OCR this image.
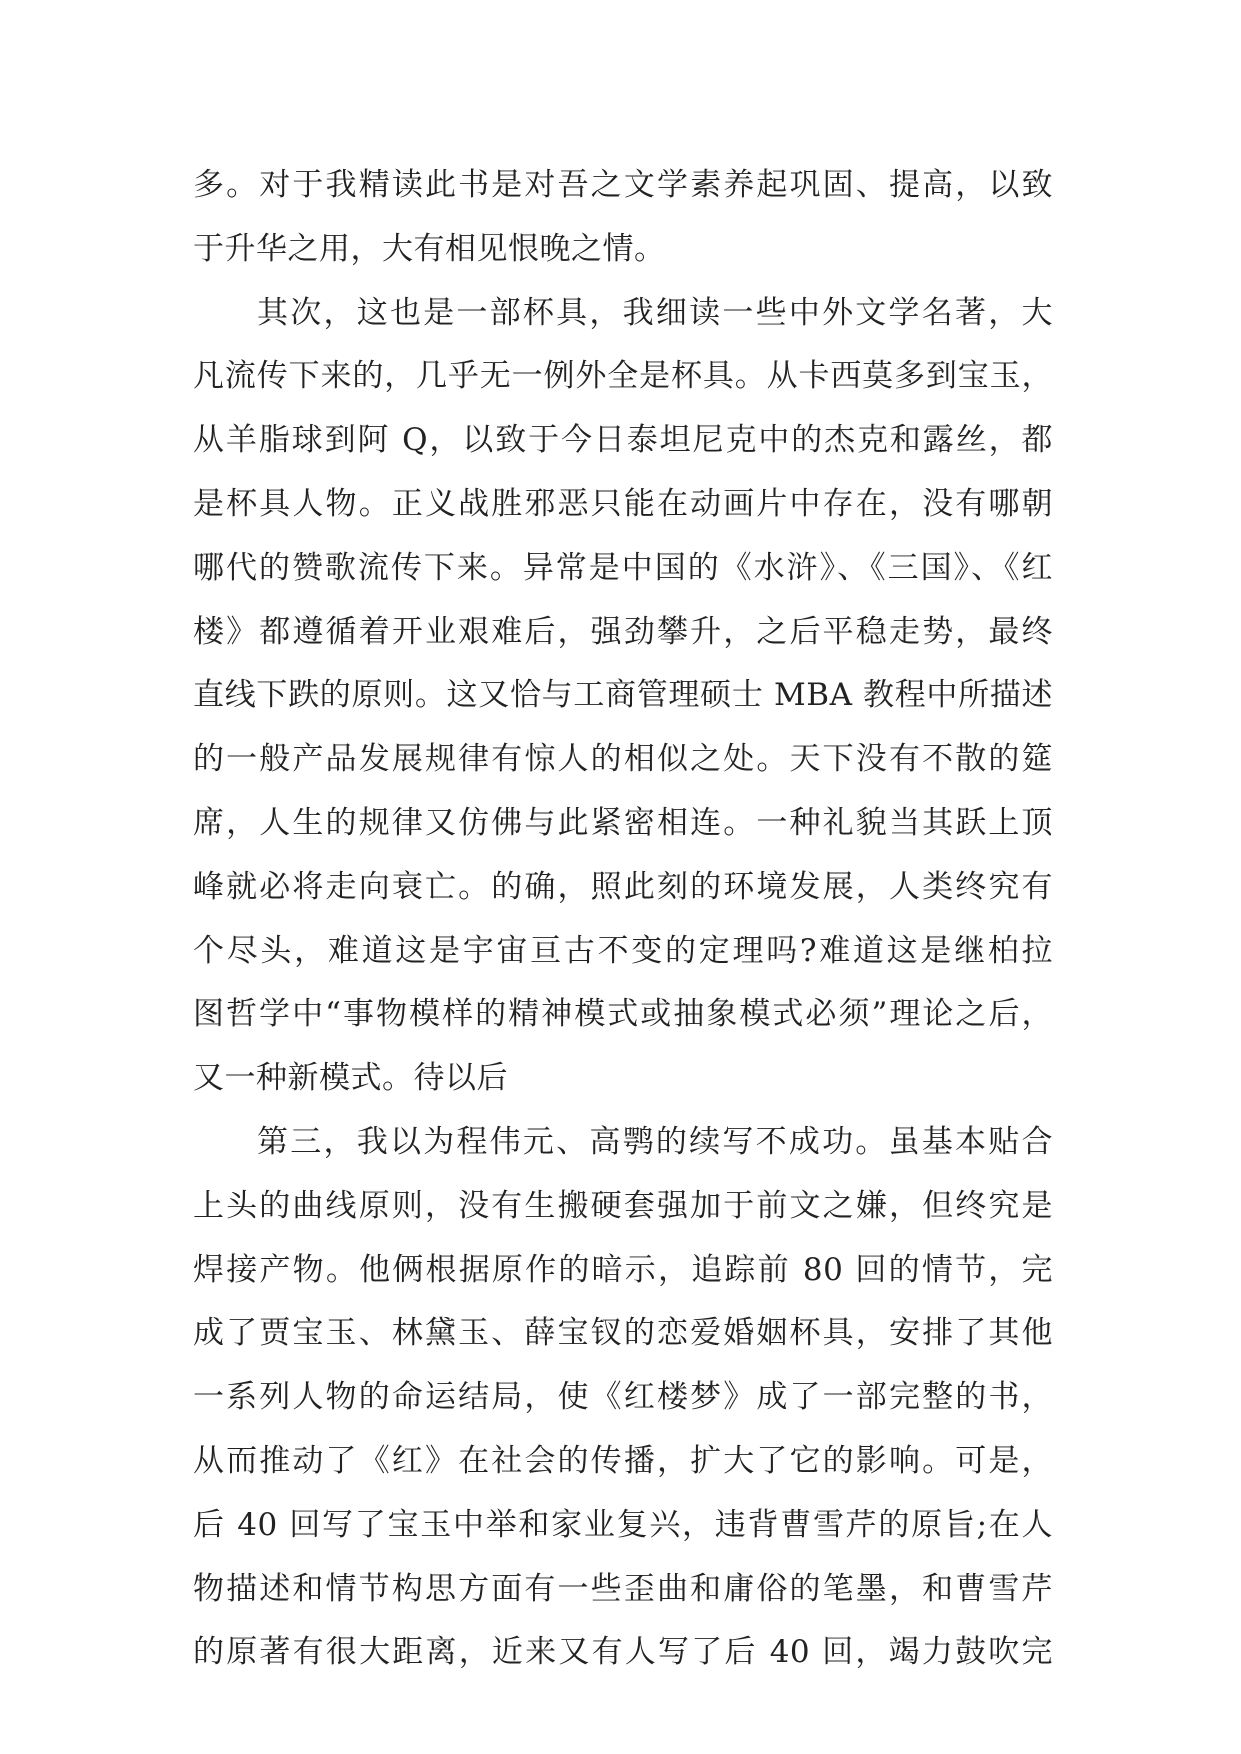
多。对于我精读此书是对吾之文学素养起巩固、提高，以致
于升华之用，大有相见恨晚之情。
其次，这也是一部杯具，我细读一些中外文学名著，大
凡流传下来的，几乎无一例外全是杯具。从卡西莫多到宝玉，
从羊脂球到阿 Q，以致于今日泰坦尼克中的杰克和露丝，都
是杯具人物。正义战胜邪恶只能在动画片中存在，没有哪朝
哪代的赞歌流传下来。异常是中国的《水浒》、《三国》、《红
楼》都遵循着开业艰难后，强劲攀升，之后平稳走势，最终
直线下跌的原则。这又恰与工商管理硕士 MBA 教程中所描述
的一般产品发展规律有惊人的相似之处。天下没有不散的筵
席，人生的规律又仿佛与此紧密相连。一种礼貌当其跃上顶
峰就必将走向衰亡。的确，照此刻的环境发展，人类终究有
个尽头，难道这是宇宙亘古不变的定理吗?难道这是继柏拉
图哲学中“事物模样的精神模式或抽象模式必须”理论之后，
又一种新模式。待以后
第三，我以为程伟元、高鹗的续写不成功。虽基本贴合
上头的曲线原则，没有生搬硬套强加于前文之嫌，但终究是
焊接产物。他俩根据原作的暗示，追踪前 80 回的情节，完
成了贾宝玉、林黛玉、薛宝钗的恋爱婚姻杯具，安排了其他
一系列人物的命运结局，使《红楼梦》成了一部完整的书，
从而推动了《红》在社会的传播，扩大了它的影响。可是，
后 40 回写了宝玉中举和家业复兴，违背曹雪芹的原旨;在人
物描述和情节构思方面有一些歪曲和庸俗的笔墨，和曹雪芹
的原著有很大距离，近来又有人写了后 40 回，竭力鼓吹完
